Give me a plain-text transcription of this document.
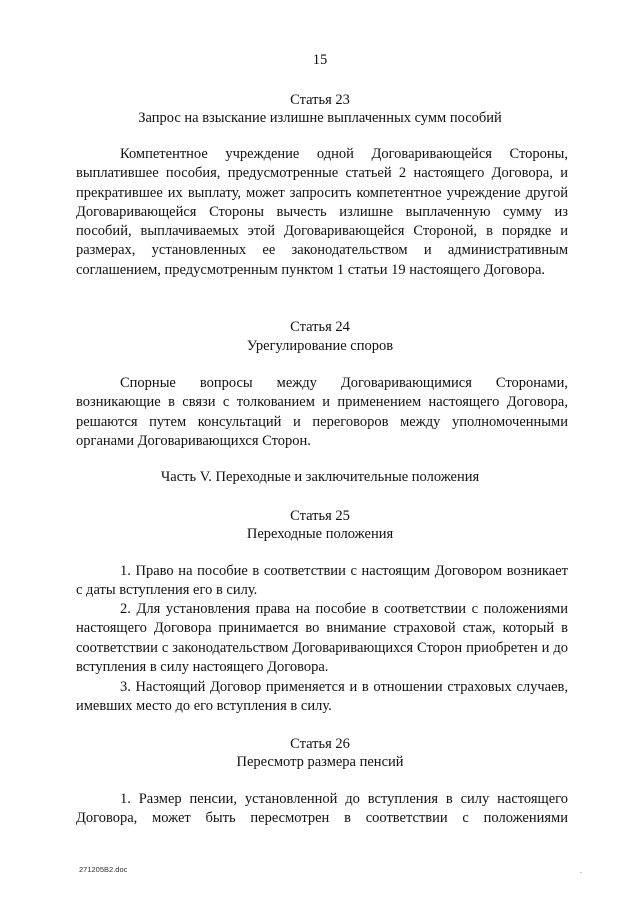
15
Статья 23
Запрос на взыскание излишне выплаченных сумм пособий
Компетентное учреждение одной Договаривающейся Стороны, выплатившее пособия, предусмотренные статьей 2 настоящего Договора, и прекратившее их выплату, может запросить компетентное учреждение другой Договаривающейся Стороны вычесть излишне выплаченную сумму из пособий, выплачиваемых этой Договаривающейся Стороной, в порядке и размерах, установленных ее законодательством и административным соглашением, предусмотренным пунктом 1 статьи 19 настоящего Договора.
Статья 24
Урегулирование споров
Спорные вопросы между Договаривающимися Сторонами, возникающие в связи с толкованием и применением настоящего Договора, решаются путем консультаций и переговоров между уполномоченными органами Договаривающихся Сторон.
Часть V. Переходные и заключительные положения
Статья 25
Переходные положения
1. Право на пособие в соответствии с настоящим Договором возникает с даты вступления его в силу.
2. Для установления права на пособие в соответствии с положениями настоящего Договора принимается во внимание страховой стаж, который в соответствии с законодательством Договаривающихся Сторон приобретен и до вступления в силу настоящего Договора.
3. Настоящий Договор применяется и в отношении страховых случаев, имевших место до его вступления в силу.
Статья 26
Пересмотр размера пенсий
1. Размер пенсии, установленной до вступления в силу настоящего Договора, может быть пересмотрен в соответствии с положениями
271205В2.doc	.
